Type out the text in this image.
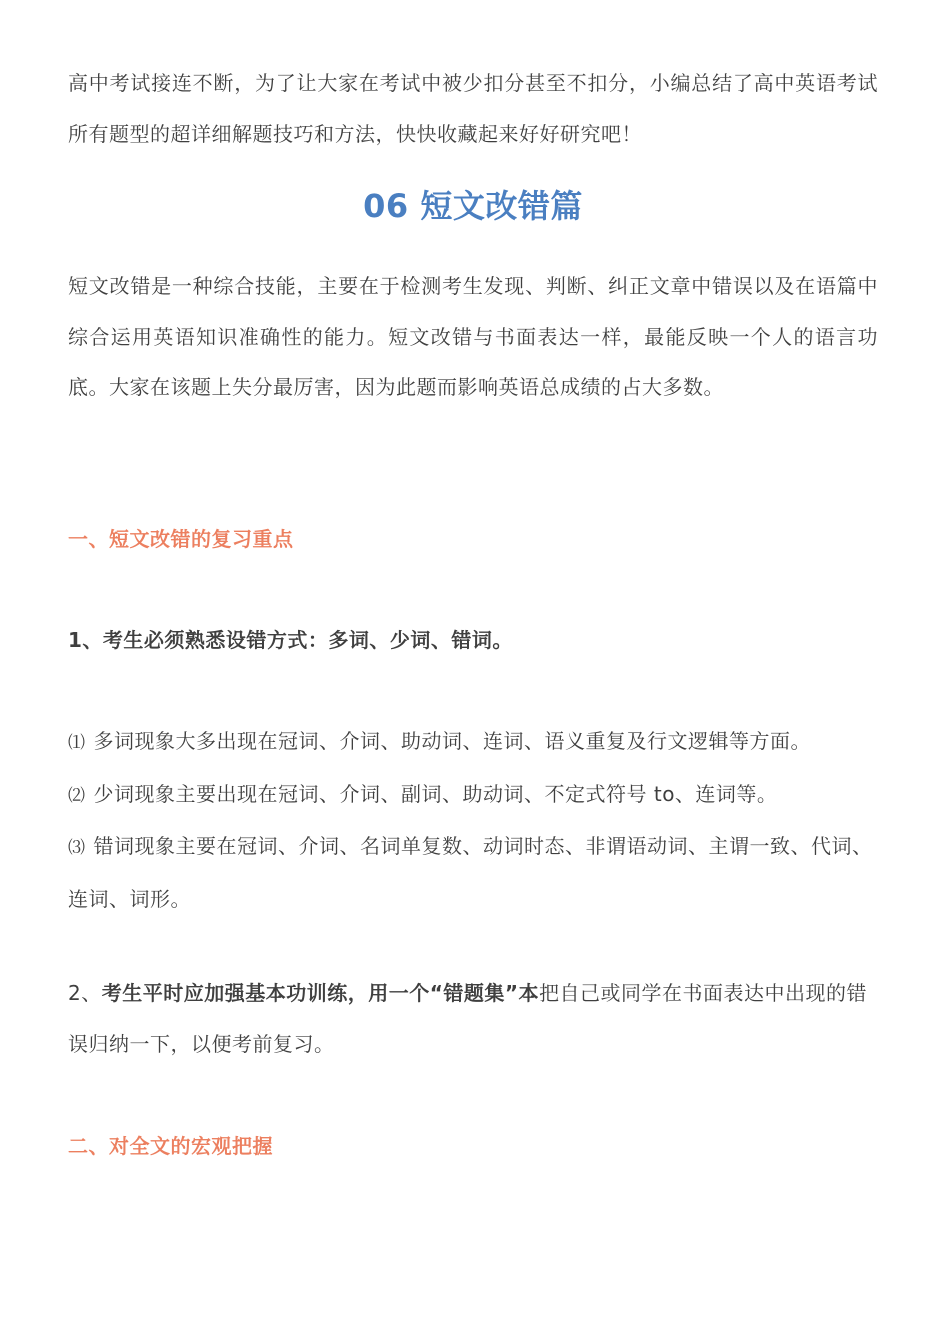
高中考试接连不断，为了让大家在考试中被少扣分甚至不扣分，小编总结了高中英语考试所有题型的超详细解题技巧和方法，快快收藏起来好好研究吧！

06 短文改错篇

短文改错是一种综合技能，主要在于检测考生发现、判断、纠正文章中错误以及在语篇中综合运用英语知识准确性的能力。短文改错与书面表达一样，最能反映一个人的语言功底。大家在该题上失分最厉害，因为此题而影响英语总成绩的占大多数。

一、短文改错的复习重点

1、考生必须熟悉设错方式：多词、少词、错词。

⑴ 多词现象大多出现在冠词、介词、助动词、连词、语义重复及行文逻辑等方面。
⑵ 少词现象主要出现在冠词、介词、副词、助动词、不定式符号 to、连词等。
⑶ 错词现象主要在冠词、介词、名词单复数、动词时态、非谓语动词、主谓一致、代词、连词、词形。

2、考生平时应加强基本功训练，用一个“错题集”本把自己或同学在书面表达中出现的错误归纳一下，以便考前复习。

二、对全文的宏观把握
